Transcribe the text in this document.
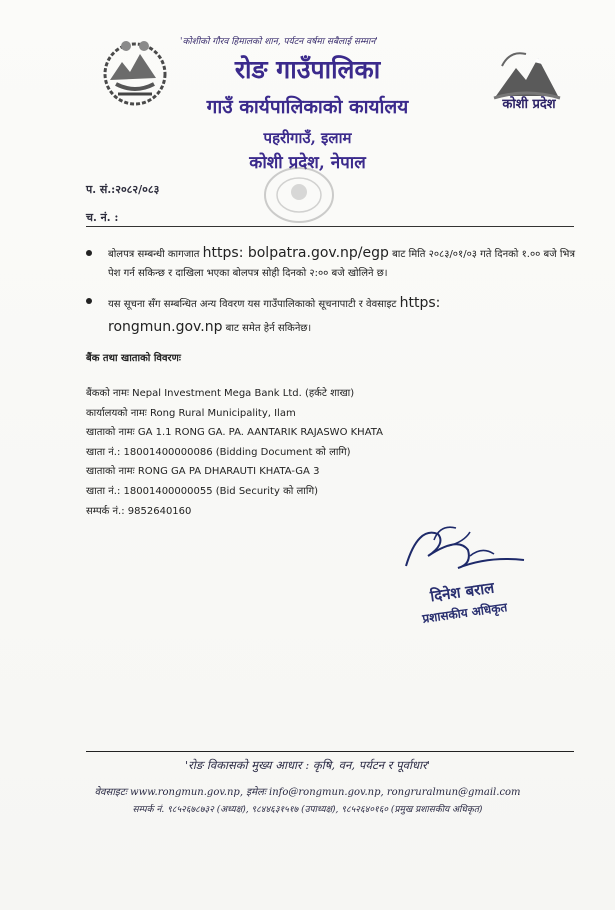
'कोशीको गौरव हिमालको शान, पर्यटन वर्षमा सबैलाई सम्मान'
रोङ गाउँपालिका
गाउँ कार्यपालिकाको कार्यालय
पहरीगाउँ, इलाम
कोशी प्रदेश, नेपाल
कोशी प्रदेश
प. सं.:२०८२/०८३
च. नं. :
बोलपत्र सम्बन्धी कागजात https: bolpatra.gov.np/egp बाट मिति २०८३/०१/०३ गते दिनको १.०० बजे भित्र पेश गर्न सकिन्छ र दाखिला भएका बोलपत्र सोही दिनको २:०० बजे खोलिने छ।
यस सूचना सँग सम्बन्धित अन्य विवरण यस गाउँपालिकाको सूचनापाटी र वेवसाइट https:
rongmun.gov.np बाट समेत हेर्न सकिनेछ।
बैंक तथा खाताको विवरणः
बैंकको नामः Nepal Investment Mega Bank Ltd. (हर्कटे शाखा)
कार्यालयको नामः Rong Rural Municipality, Ilam
खाताको नामः GA 1.1 RONG GA. PA. AANTARIK RAJASWO KHATA
खाता नं.: 18001400000086 (Bidding Document को लागि)
खाताको नामः RONG GA PA DHARAUTI KHATA-GA 3
खाता नं.: 18001400000055 (Bid Security को लागि)
सम्पर्क नं.: 9852640160
दिनेश बराल
प्रशासकीय अधिकृत
'रोङ विकासको मुख्य आधार : कृषि, वन, पर्यटन र पूर्वाधार'
वेवसाइटः www.rongmun.gov.np, इमेलः info@rongmun.gov.np, rongruralmun@gmail.com
सम्पर्क नं. ९८५२६७८७३२ (अध्यक्ष), ९८४४६३१५१७ (उपाध्यक्ष), ९८५२६४०१६० (प्रमुख प्रशासकीय अधिकृत)
